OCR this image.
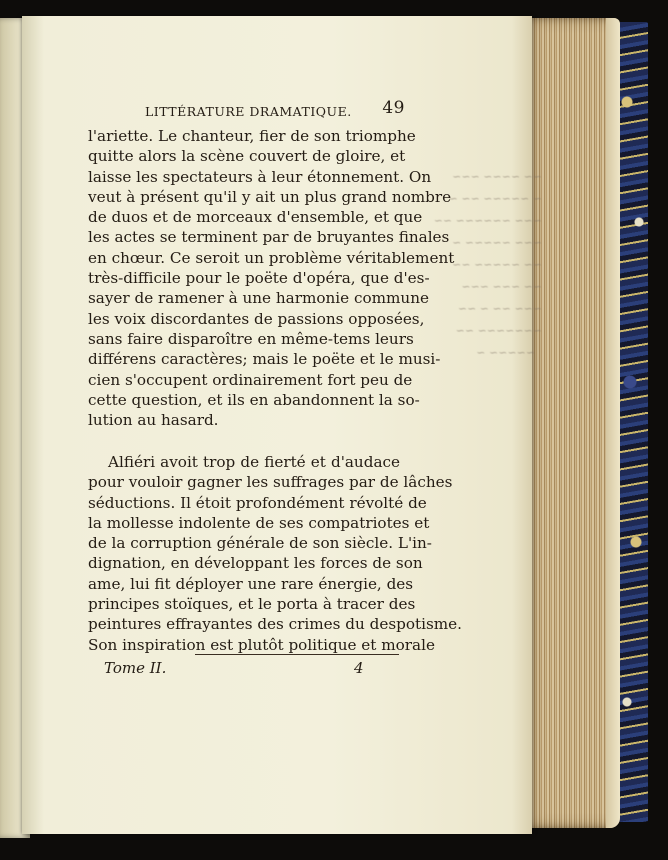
~~ ~~~~ ~~~
~ ~~~~~ ~~ ~
~~~ ~~~~~~ ~~
~~~ ~~~~~ ~
~~ ~~~~~ ~~
~~ ~~~ ~~~
~~~ ~~ ~ ~~
~~~~~~~ ~~
~~~~~ ~
LITTÉRATURE DRAMATIQUE. 49
l'ariette. Le chanteur, fier de son triomphe
quitte alors la scène couvert de gloire, et
laisse les spectateurs à leur étonnement. On
veut à présent qu'il y ait un plus grand nombre
de duos et de morceaux d'ensemble, et que
les actes se terminent par de bruyantes finales
en chœur. Ce seroit un problème véritablement
très-difficile pour le poëte d'opéra, que d'es-
sayer de ramener à une harmonie commune
les voix discordantes de passions opposées,
sans faire disparoître en même-tems leurs
différens caractères; mais le poëte et le musi-
cien s'occupent ordinairement fort peu de
cette question, et ils en abandonnent la so-
lution au hasard.
Alfiéri avoit trop de fierté et d'audace
pour vouloir gagner les suffrages par de lâches
séductions. Il étoit profondément révolté de
la mollesse indolente de ses compatriotes et
de la corruption générale de son siècle. L'in-
dignation, en développant les forces de son
ame, lui fit déployer une rare énergie, des
principes stoïques, et le porta à tracer des
peintures effrayantes des crimes du despotisme.
Son inspiration est plutôt politique et morale
Tome II.	4
